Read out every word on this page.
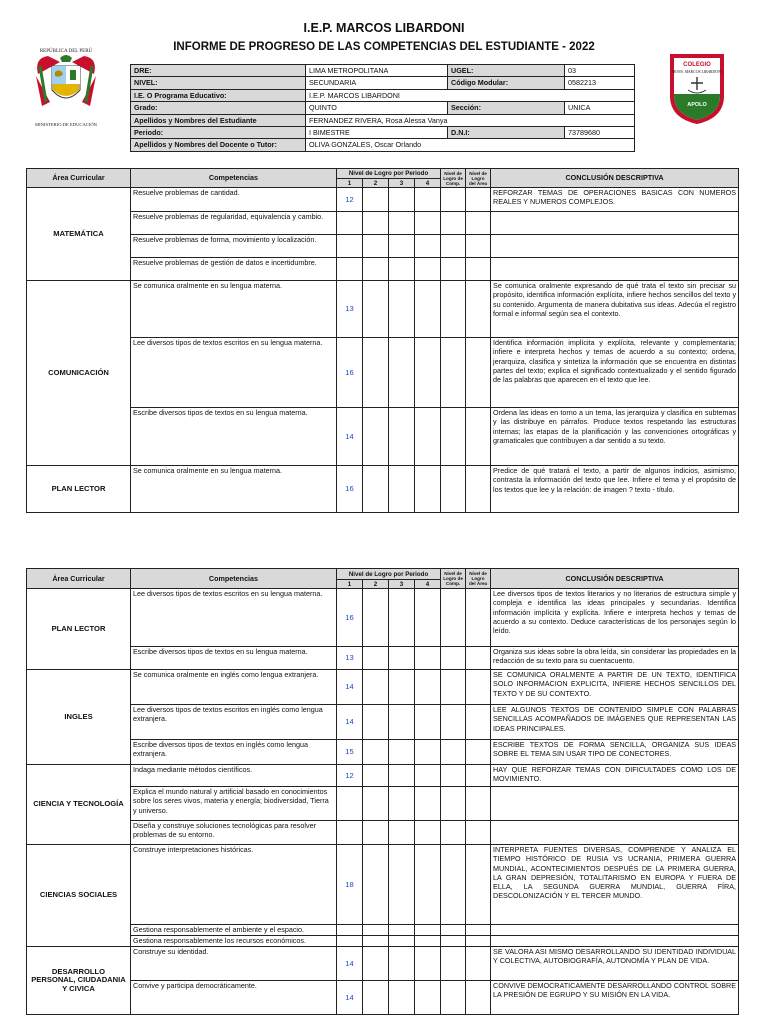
I.E.P. MARCOS LIBARDONI
INFORME DE PROGRESO DE LAS COMPETENCIAS DEL ESTUDIANTE - 2022
REPÚBLICA DEL PERÚ
MINISTERIO DE EDUCACIÓN
COLEGIO
MONS. MARCOS LIBARDONI
APOLO
DRE:	LIMA METROPOLITANA	UGEL:	03
NIVEL:	SECUNDARIA	Código Modular:	0582213
I.E. O Programa Educativo:	I.E.P. MARCOS LIBARDONI		
Grado:	QUINTO	Sección:	UNICA
Apellidos y Nombres del Estudiante	FERNANDEZ RIVERA, Rosa Alessa Vanya		
Periodo:	I BIMESTRE	D.N.I:	73789680
Apellidos y Nombres del Docente o Tutor:	OLIVA GONZALES, Oscar Orlando		
Área Curricular	Competencias	Nivel de Logro por Periodo				Nivel de Logro de Comp.	Nivel de Logro del Área	CONCLUSIÓN DESCRIPTIVA
		1	2	3	4			
MATEMÁTICA	Resuelve problemas de cantidad.	12						REFORZAR TEMAS DE OPERACIONES BASICAS CON NUMEROS REALES Y NUMEROS COMPLEJOS.
	Resuelve problemas de regularidad, equivalencia y cambio.							
	Resuelve problemas de forma, movimiento y localización.							
	Resuelve problemas de gestión de datos e incertidumbre.							
COMUNICACIÓN	Se comunica oralmente en su lengua materna.	13						Se comunica oralmente expresando de qué trata el texto sin precisar su propósito, identifica información explícita, infiere hechos sencillos del texto y su contenido. Argumenta de manera dubitativa sus ideas. Adecúa el registro formal e informal según sea el contexto.
	Lee diversos tipos de textos escritos en su lengua materna.	16						Identifica información implícita y explícita, relevante y complementaria; infiere e interpreta hechos y temas de acuerdo a su contexto; ordena, jerarquiza, clasifica y sintetiza la información que se encuentra en distintas partes del texto; explica el significado contextualizado y el sentido figurado de las palabras que aparecen en el texto que lee.
	Escribe diversos tipos de textos en su lengua materna.	14						Ordena las ideas en torno a un tema, las jerarquiza y clasifica en subtemas y las distribuye en párrafos. Produce textos respetando las estructuras internas; las etapas de la planificación y las convenciones ortográficas y gramaticales que contribuyen a dar sentido a su texto.
PLAN LECTOR	Se comunica oralmente en su lengua materna.	16						Predice de qué tratará el texto, a partir de algunos indicios, asimismo, contrasta la información del texto que lee. Infiere el tema y el propósito de los textos que lee y la relación: de imagen ? texto - título.
Área Curricular	Competencias	Nivel de Logro por Periodo				Nivel de Logro de Comp.	Nivel de Logro del Área	CONCLUSIÓN DESCRIPTIVA
		1	2	3	4			
PLAN LECTOR	Lee diversos tipos de textos escritos en su lengua materna.	16						Lee diversos tipos de textos literarios y no literarios de estructura simple y compleja e identifica las ideas principales y secundarias. Identifica información implícita y explícita. Infiere e interpreta hechos y temas de acuerdo a su contexto. Deduce características de los personajes según lo leído.
	Escribe diversos tipos de textos en su lengua materna.	13						Organiza sus ideas sobre la obra leída, sin considerar las propiedades en la redacción de su texto para su cuentacuento.
INGLES	Se comunica oralmente en inglés como lengua extranjera.	14						SE COMUNICA ORALMENTE A PARTIR DE UN TEXTO, IDENTIFICA SOLO INFORMACION EXPLICITA, INFIERE HECHOS SENCILLOS DEL TEXTO Y DE SU CONTEXTO.
	Lee diversos tipos de textos escritos en inglés como lengua extranjera.	14						LEE ALGUNOS TEXTOS DE CONTENIDO SIMPLE CON PALABRAS SENCILLAS ACOMPAÑADOS DE IMÁGENES QUE REPRESENTAN LAS IDEAS PRINCIPALES.
	Escribe diversos tipos de textos en inglés como lengua extranjera.	15						ESCRIBE TEXTOS DE FORMA SENCILLA, ORGANIZA SUS IDEAS SOBRE EL TEMA SIN USAR TIPO DE CONECTORES.
CIENCIA Y TECNOLOGÍA	Indaga mediante métodos científicos.	12						HAY QUE REFORZAR TEMAS CON DIFICULTADES COMO LOS DE MOVIMIENTO.
	Explica el mundo natural y artificial basado en conocimientos sobre los seres vivos, materia y energía; biodiversidad, Tierra y universo.							
	Diseña y construye soluciones tecnológicas para resolver problemas de su entorno.							
CIENCIAS SOCIALES	Construye interpretaciones históricas.	18						INTERPRETA FUENTES DIVERSAS, COMPRENDE Y ANALIZA EL TIEMPO HISTÓRICO DE RUSIA VS UCRANIA, PRIMERA GUERRA MUNDIAL, ACONTECIMIENTOS DESPUÉS DE LA PRIMERA GUERRA, LA GRAN DEPRESIÓN, TOTALITARISMO EN EUROPA Y FUERA DE ELLA, LA SEGUNDA GUERRA MUNDIAL, GUERRA FÍRA, DESCOLONIZACIÓN Y EL TERCER MUNDO.
	Gestiona responsablemente el ambiente y el espacio.							
	Gestiona responsablemente los recursos económicos.							
DESARROLLO PERSONAL, CIUDADANIA Y CIVICA	Construye su identidad.	14						SE VALORA ASI MISMO DESARROLLANDO SU IDENTIDAD INDIVIDUAL Y COLECTIVA, AUTOBIOGRAFÍA, AUTONOMÍA Y PLAN DE VIDA.
	Convive y participa democráticamente.	14						CONVIVE DEMOCRATICAMENTE DESARROLLANDO CONTROL SOBRE LA PRESIÓN DE EGRUPO Y SU MISIÓN EN LA VIDA.
